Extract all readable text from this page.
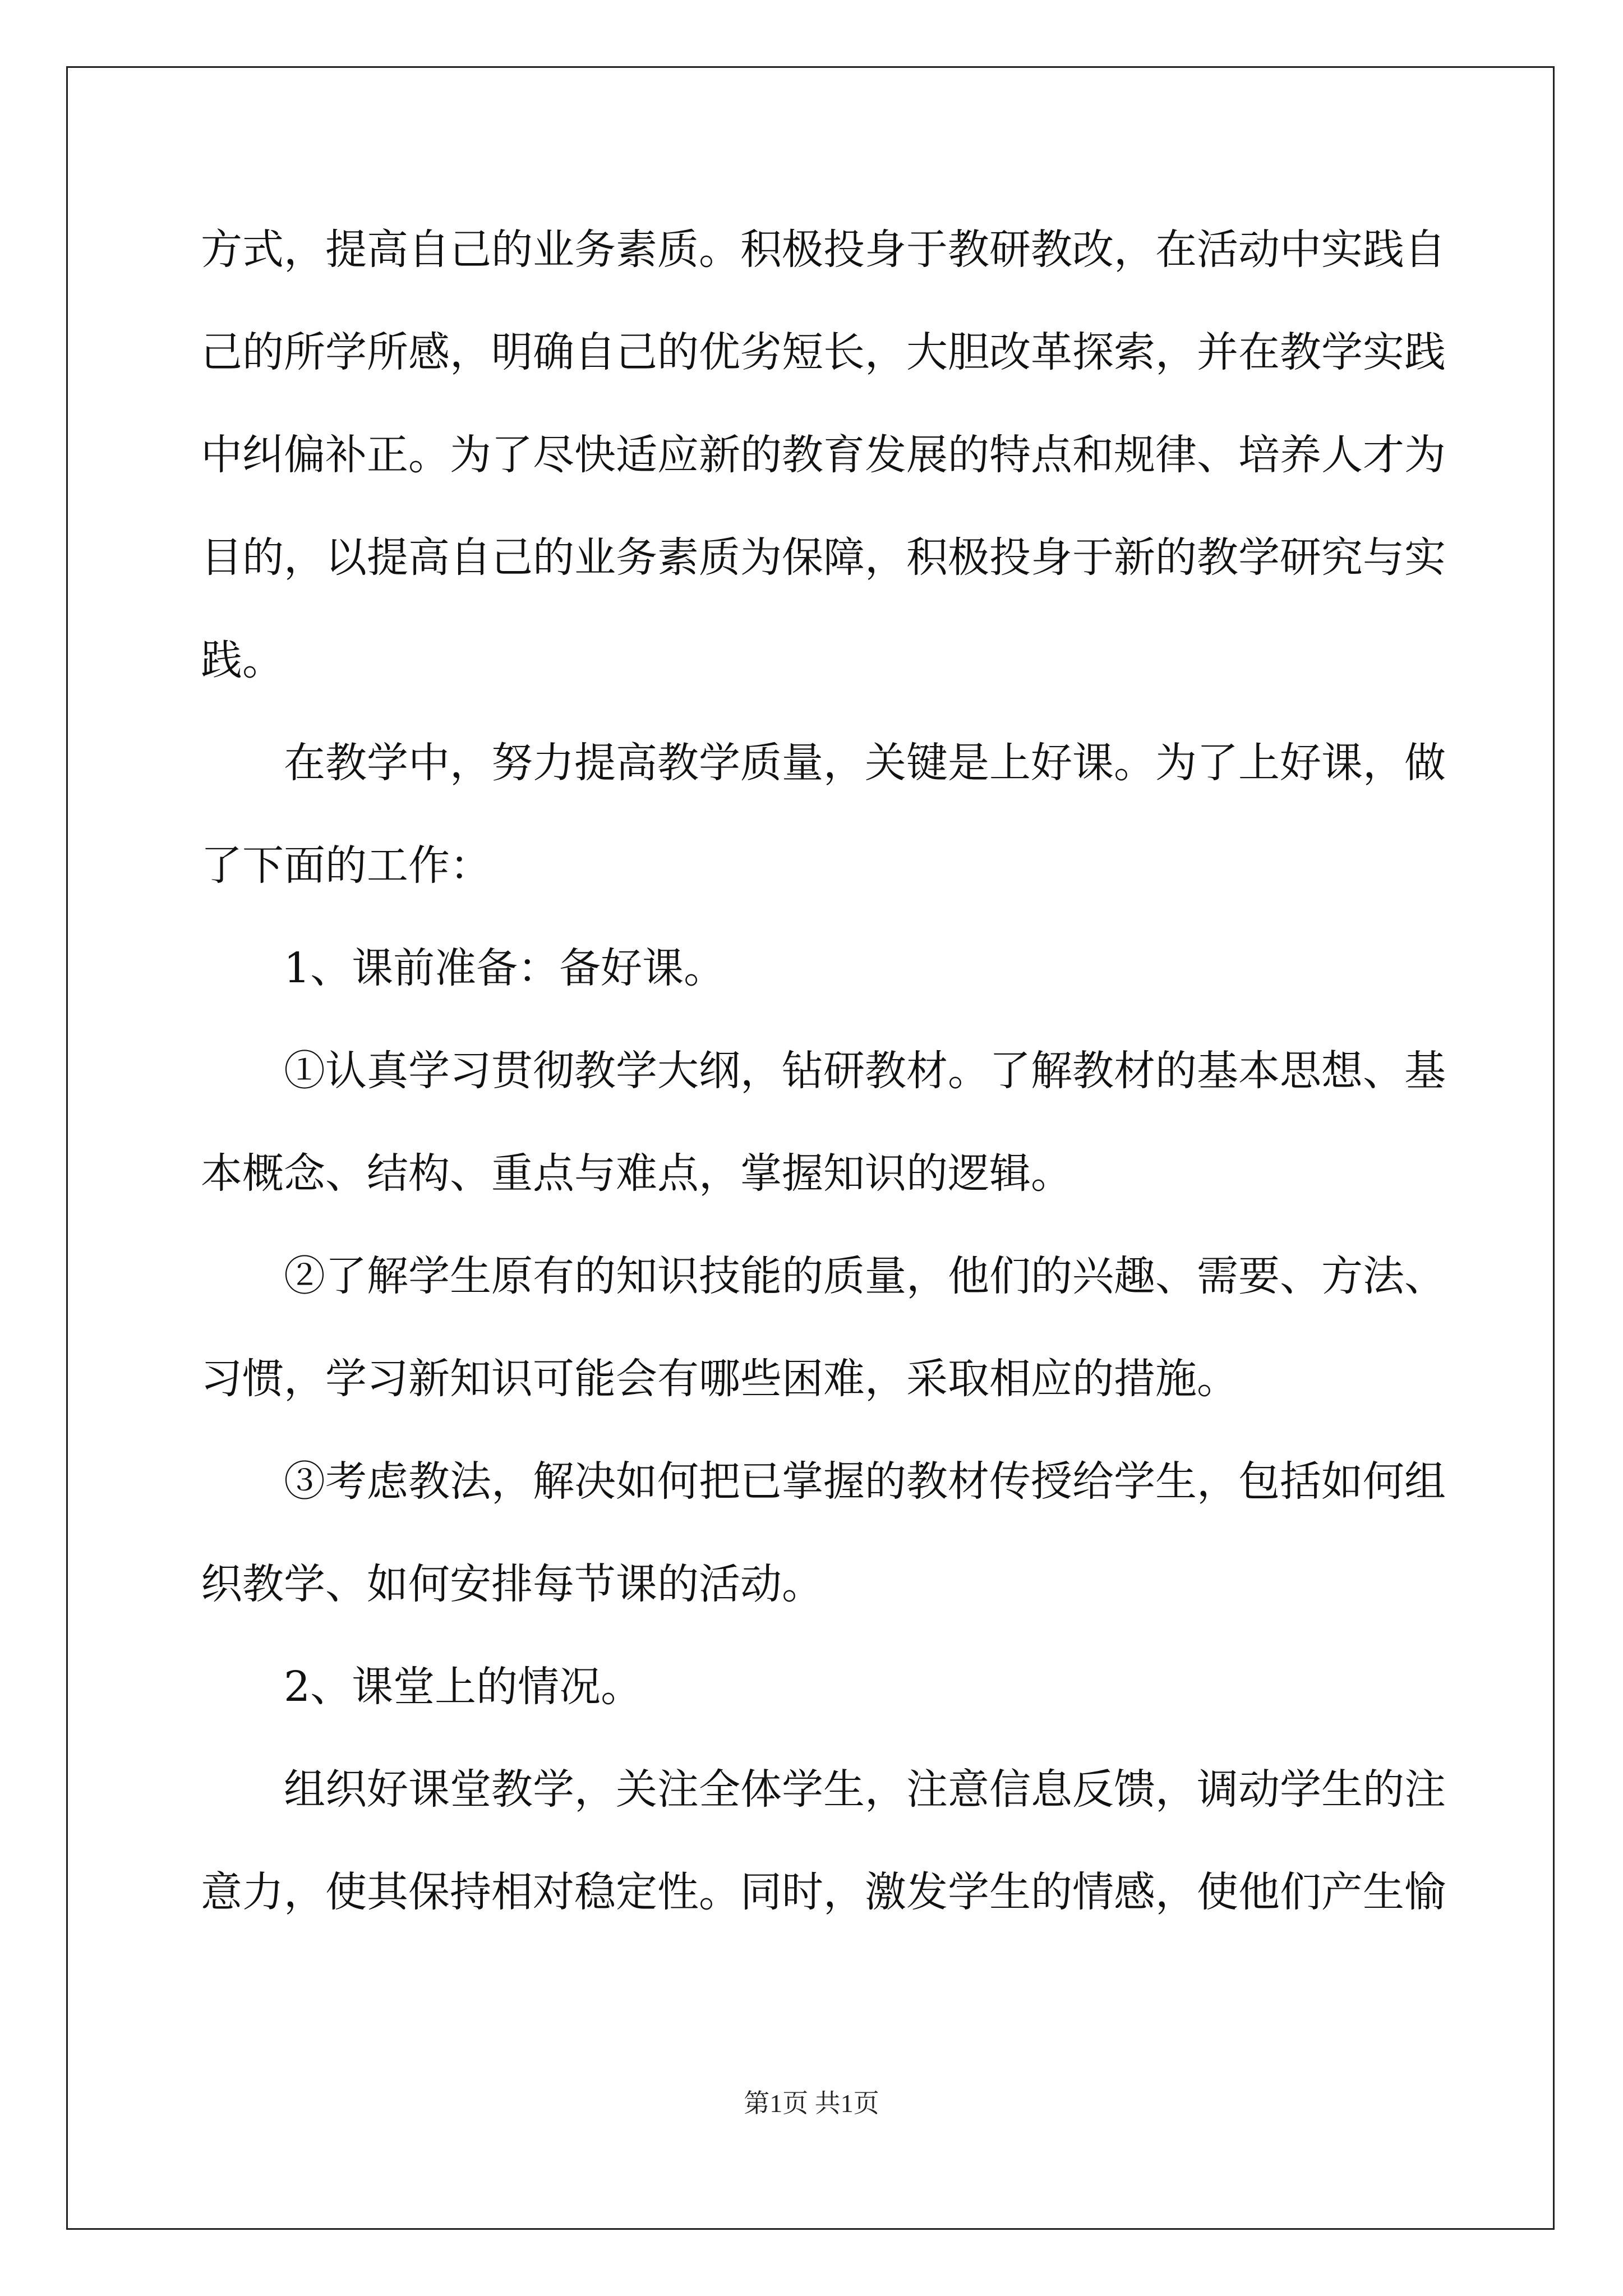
方式，提高自己的业务素质。积极投身于教研教改，在活动中实践自
己的所学所感，明确自己的优劣短长，大胆改革探索，并在教学实践
中纠偏补正。为了尽快适应新的教育发展的特点和规律、培养人才为
目的，以提高自己的业务素质为保障，积极投身于新的教学研究与实
践。
在教学中，努力提高教学质量，关键是上好课。为了上好课，做
了下面的工作：
1、课前准备：备好课。
①认真学习贯彻教学大纲，钻研教材。了解教材的基本思想、基
本概念、结构、重点与难点，掌握知识的逻辑。
②了解学生原有的知识技能的质量，他们的兴趣、需要、方法、
习惯，学习新知识可能会有哪些困难，采取相应的措施。
③考虑教法，解决如何把已掌握的教材传授给学生，包括如何组
织教学、如何安排每节课的活动。
2、课堂上的情况。
组织好课堂教学，关注全体学生，注意信息反馈，调动学生的注
意力，使其保持相对稳定性。同时，激发学生的情感，使他们产生愉
第1页 共1页
